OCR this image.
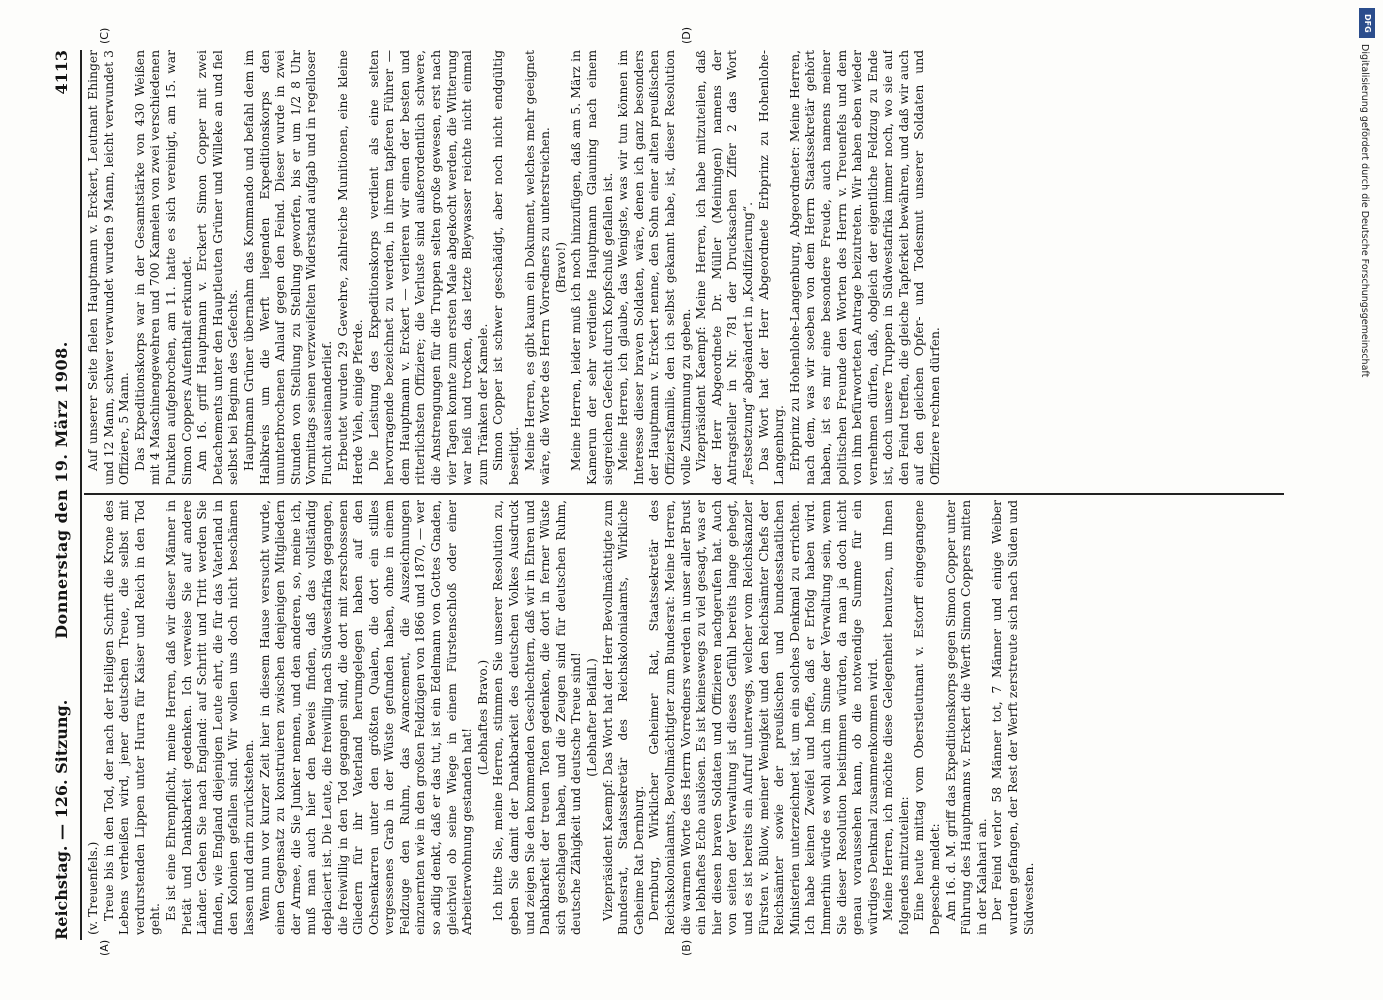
Reichstag. — 126. Sitzung.
Donnerstag den 19. März 1908.
4113
(A)	(B)
(C)	(D)

(v. Treuenfels.) Treue bis in den Tod, der nach der Heiligen Schrift die Krone des Lebens verheißen wird, jener deutschen Treue, die selbst mit verdurstenden Lippen unter Hurra für Kaiser und Reich in den Tod geht. Es ist eine Ehrenpflicht, meine Herren, daß wir dieser Männer in Pietät und Dankbarkeit gedenken. Ich verweise Sie auf andere Länder. Gehen Sie nach England: auf Schritt und Tritt werden Sie finden, wie England diejenigen Leute ehrt, die für das Vaterland in den Kolonien gefallen sind. Wir wollen uns doch nicht beschämen lassen und darin zurückstehen. Wenn nun vor kurzer Zeit hier in diesem Hause versucht wurde, einen Gegensatz zu konstruieren zwischen denjenigen Mitgliedern der Armee, die Sie Junker nennen, und den anderen, so, meine ich, muß man auch hier den Beweis finden, daß das vollständig deplaciert ist. Die Leute, die freiwillig nach Südwestafrika gegangen, die freiwillig in den Tod gegangen sind, die dort mit zerschossenen Gliedern für ihr Vaterland herumgelegen haben auf den Ochsenkarren unter den größten Qualen, die dort ein stilles vergessenes Grab in der Wüste gefunden haben, ohne in einem Feldzuge den Ruhm, das Avancement, die Auszeichnungen einzuernten wie in den großen Feldzügen von 1866 und 1870, — wer so adlig denkt, daß er das tut, ist ein Edelmann von Gottes Gnaden, gleichviel ob seine Wiege in einem Fürstenschloß oder einer Arbeiterwohnung gestanden hat!

(Lebhaftes Bravo.) Ich bitte Sie, meine Herren, stimmen Sie unserer Resolution zu, geben Sie damit der Dankbarkeit des deutschen Volkes Ausdruck und zeigen Sie den kommenden Geschlechtern, daß wir in Ehren und Dankbarkeit der treuen Toten gedenken, die dort in ferner Wüste sich geschlagen haben, und die Zeugen sind für deutschen Ruhm, deutsche Zähigkeit und deutsche Treue sind! (Lebhafter Beifall.) Vizepräsident Kaempf: Das Wort hat der Herr Bevollmächtigte zum Bundesrat, Staatssekretär des Reichskolonialamts, Wirkliche Geheime Rat Dernburg. Dernburg, Wirklicher Geheimer Rat, Staatssekretär des Reichskolonialamts, Bevollmächtigter zum Bundesrat: Meine Herren, die warmen Worte des Herrn Vorredners werden in unser aller Brust ein lebhaftes Echo auslösen. Es ist keineswegs zu viel gesagt, was er hier diesen braven Soldaten und Offizieren nachgerufen hat. Auch von seiten der Verwaltung ist dieses Gefühl bereits lange gehegt, und es ist bereits ein Aufruf unterwegs, welcher vom Reichskanzler Fürsten v. Bülow, meiner Wenigkeit und den Reichsämter Chefs der Reichsämter sowie der preußischen und bundesstaatlichen Ministerien unterzeichnet ist, um ein solches Denkmal zu errichten. Ich habe keinen Zweifel und hoffe, daß er Erfolg haben wird. Immerhin würde es wohl auch im Sinne der Verwaltung sein, wenn Sie dieser Resolution beistimmen würden, da man ja doch nicht genau voraussehen kann, ob die notwendige Summe für ein würdiges Denkmal zusammenkommen wird. Meine Herren, ich möchte diese Gelegenheit benutzen, um Ihnen folgendes mitzuteilen: Eine heute mittag vom Oberstleutnant v. Estorff eingegangene Depesche meldet: Am 16. d. M. griff das Expeditionskorps gegen Simon Copper unter Führung des Hauptmanns v. Erckert die Werft Simon Coppers mitten in der Kalahari an. Der Feind verlor 58 Männer tot, 7 Männer und einige Weiber wurden gefangen, der Rest der Werft zerstreute sich nach Süden und Südwesten.

Auf unserer Seite fielen Hauptmann v. Erckert, Leutnant Ehinger und 12 Mann, schwer verwundet wurden 9 Mann, leicht verwundet 3 Offiziere, 5 Mann. Das Expeditionskorps war in der Gesamtstärke von 430 Weißen mit 4 Maschinengewehren und 700 Kamelen von zwei verschiedenen Punkten aufgebrochen, am 11. hatte es sich vereinigt, am 15. war Simon Coppers Aufenthalt erkundet. Am 16. griff Hauptmann v. Erckert Simon Copper mit zwei Detachements unter den Hauptleuten Grüner und Willeke an und fiel selbst bei Beginn des Gefechts. Hauptmann Grüner übernahm das Kommando und befahl dem im Halbkreis um die Werft liegenden Expeditionskorps den ununterbrochenen Anlauf gegen den Feind. Dieser wurde in zwei Stunden von Stellung zu Stellung geworfen, bis er um 1/2 8 Uhr Vormittags seinen verzweifelten Widerstand aufgab und in regelloser Flucht auseinanderlief. Erbeutet wurden 29 Gewehre, zahlreiche Munitionen, eine kleine Herde Vieh, einige Pferde. Die Leistung des Expeditionskorps verdient als eine selten hervorragende bezeichnet zu werden, in ihrem tapferen Führer — dem Hauptmann v. Erckert — verlieren wir einen der besten und ritterlichsten Offiziere; die Verluste sind außerordentlich schwere, die Anstrengungen für die Truppen selten große gewesen, erst nach vier Tagen konnte zum ersten Male abgekocht werden, die Witterung war heiß und trocken, das letzte Bleywasser reichte nicht einmal zum Tränken der Kamele. Simon Copper ist schwer geschädigt, aber noch nicht endgültig beseitigt. Meine Herren, es gibt kaum ein Dokument, welches mehr geeignet wäre, die Worte des Herrn Vorredners zu unterstreichen. (Bravo!) Meine Herren, leider muß ich noch hinzufügen, daß am 5. März in Kamerun der sehr verdiente Hauptmann Glauning nach einem siegreichen Gefecht durch Kopfschuß gefallen ist. Meine Herren, ich glaube, das Wenigste, was wir tun können im Interesse dieser braven Soldaten, wäre, denen ich ganz besonders der Hauptmann v. Erckert nenne, den Sohn einer alten preußischen Offiziersfamilie, den ich selbst gekannt habe, ist, dieser Resolution volle Zustimmung zu geben. Vizepräsident Kaempf: Meine Herren, ich habe mitzuteilen, daß der Herr Abgeordnete Dr. Müller (Meiningen) namens der Antragsteller in Nr. 781 der Drucksachen Ziffer 2 das Wort „Festsetzung“ abgeändert in „Kodifizierung“. Das Wort hat der Herr Abgeordnete Erbprinz zu Hohenlohe-Langenburg. Erbprinz zu Hohenlohe-Langenburg, Abgeordneter: Meine Herren, nach dem, was wir soeben von dem Herrn Staatssekretär gehört haben, ist es mir eine besondere Freude, auch namens meiner politischen Freunde den Worten des Herrn v. Treuenfels und dem von ihm befürworteten Antrage beizutreten. Wir haben eben wieder vernehmen dürfen, daß, obgleich der eigentliche Feldzug zu Ende ist, doch unsere Truppen in Südwestafrika immer noch, wo sie auf den Feind treffen, die gleiche Tapferkeit bewähren, und daß wir auch auf den gleichen Opfer- und Todesmut unserer Soldaten und Offiziere rechnen dürfen.

DFG
Digitalisierung gefördert durch die Deutsche Forschungsgemeinschaft
